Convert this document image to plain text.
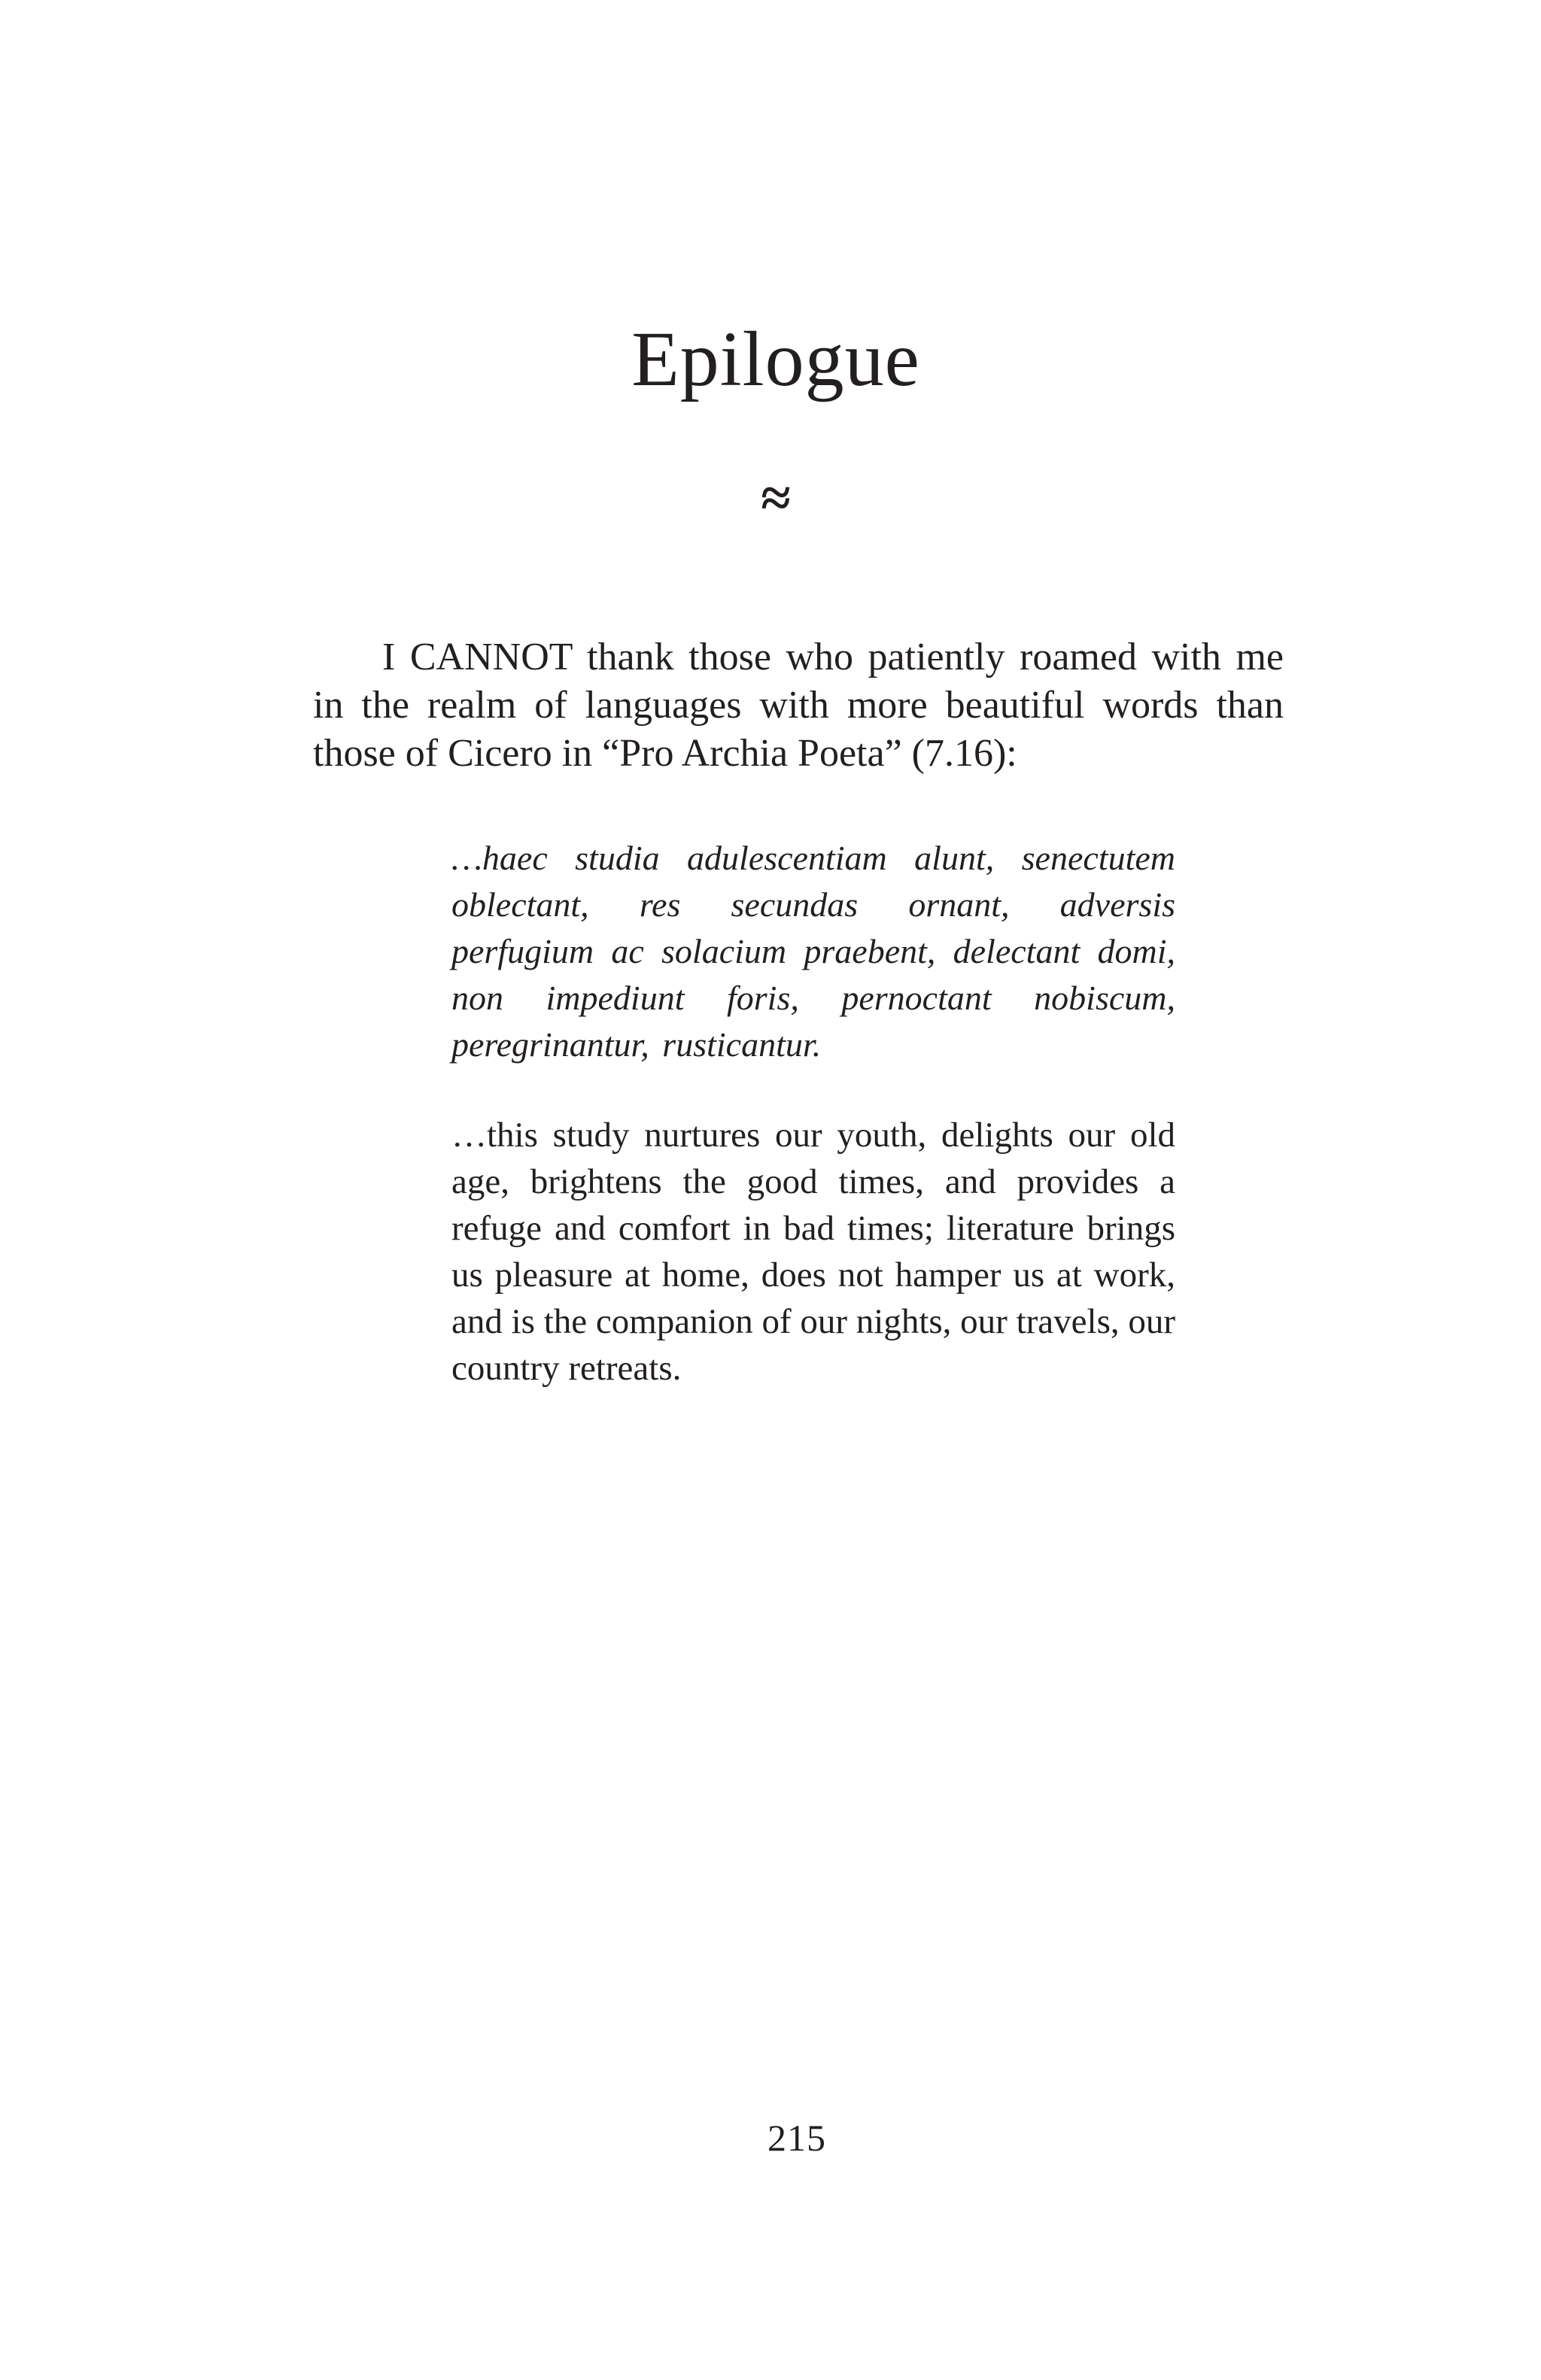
Epilogue
≈

I CANNOT thank those who patiently roamed with me in the realm of languages with more beautiful words than those of Cicero in “Pro Archia Poeta” (7.16):

…haec studia adulescentiam alunt, senectutem oblectant, res secundas ornant, adversis perfugium ac solacium praebent, delectant domi, non impediunt foris, pernoctant nobiscum, peregrinantur, rusticantur.

…this study nurtures our youth, delights our old age, brightens the good times, and provides a refuge and comfort in bad times; literature brings us pleasure at home, does not hamper us at work, and is the companion of our nights, our travels, our country retreats.

215
